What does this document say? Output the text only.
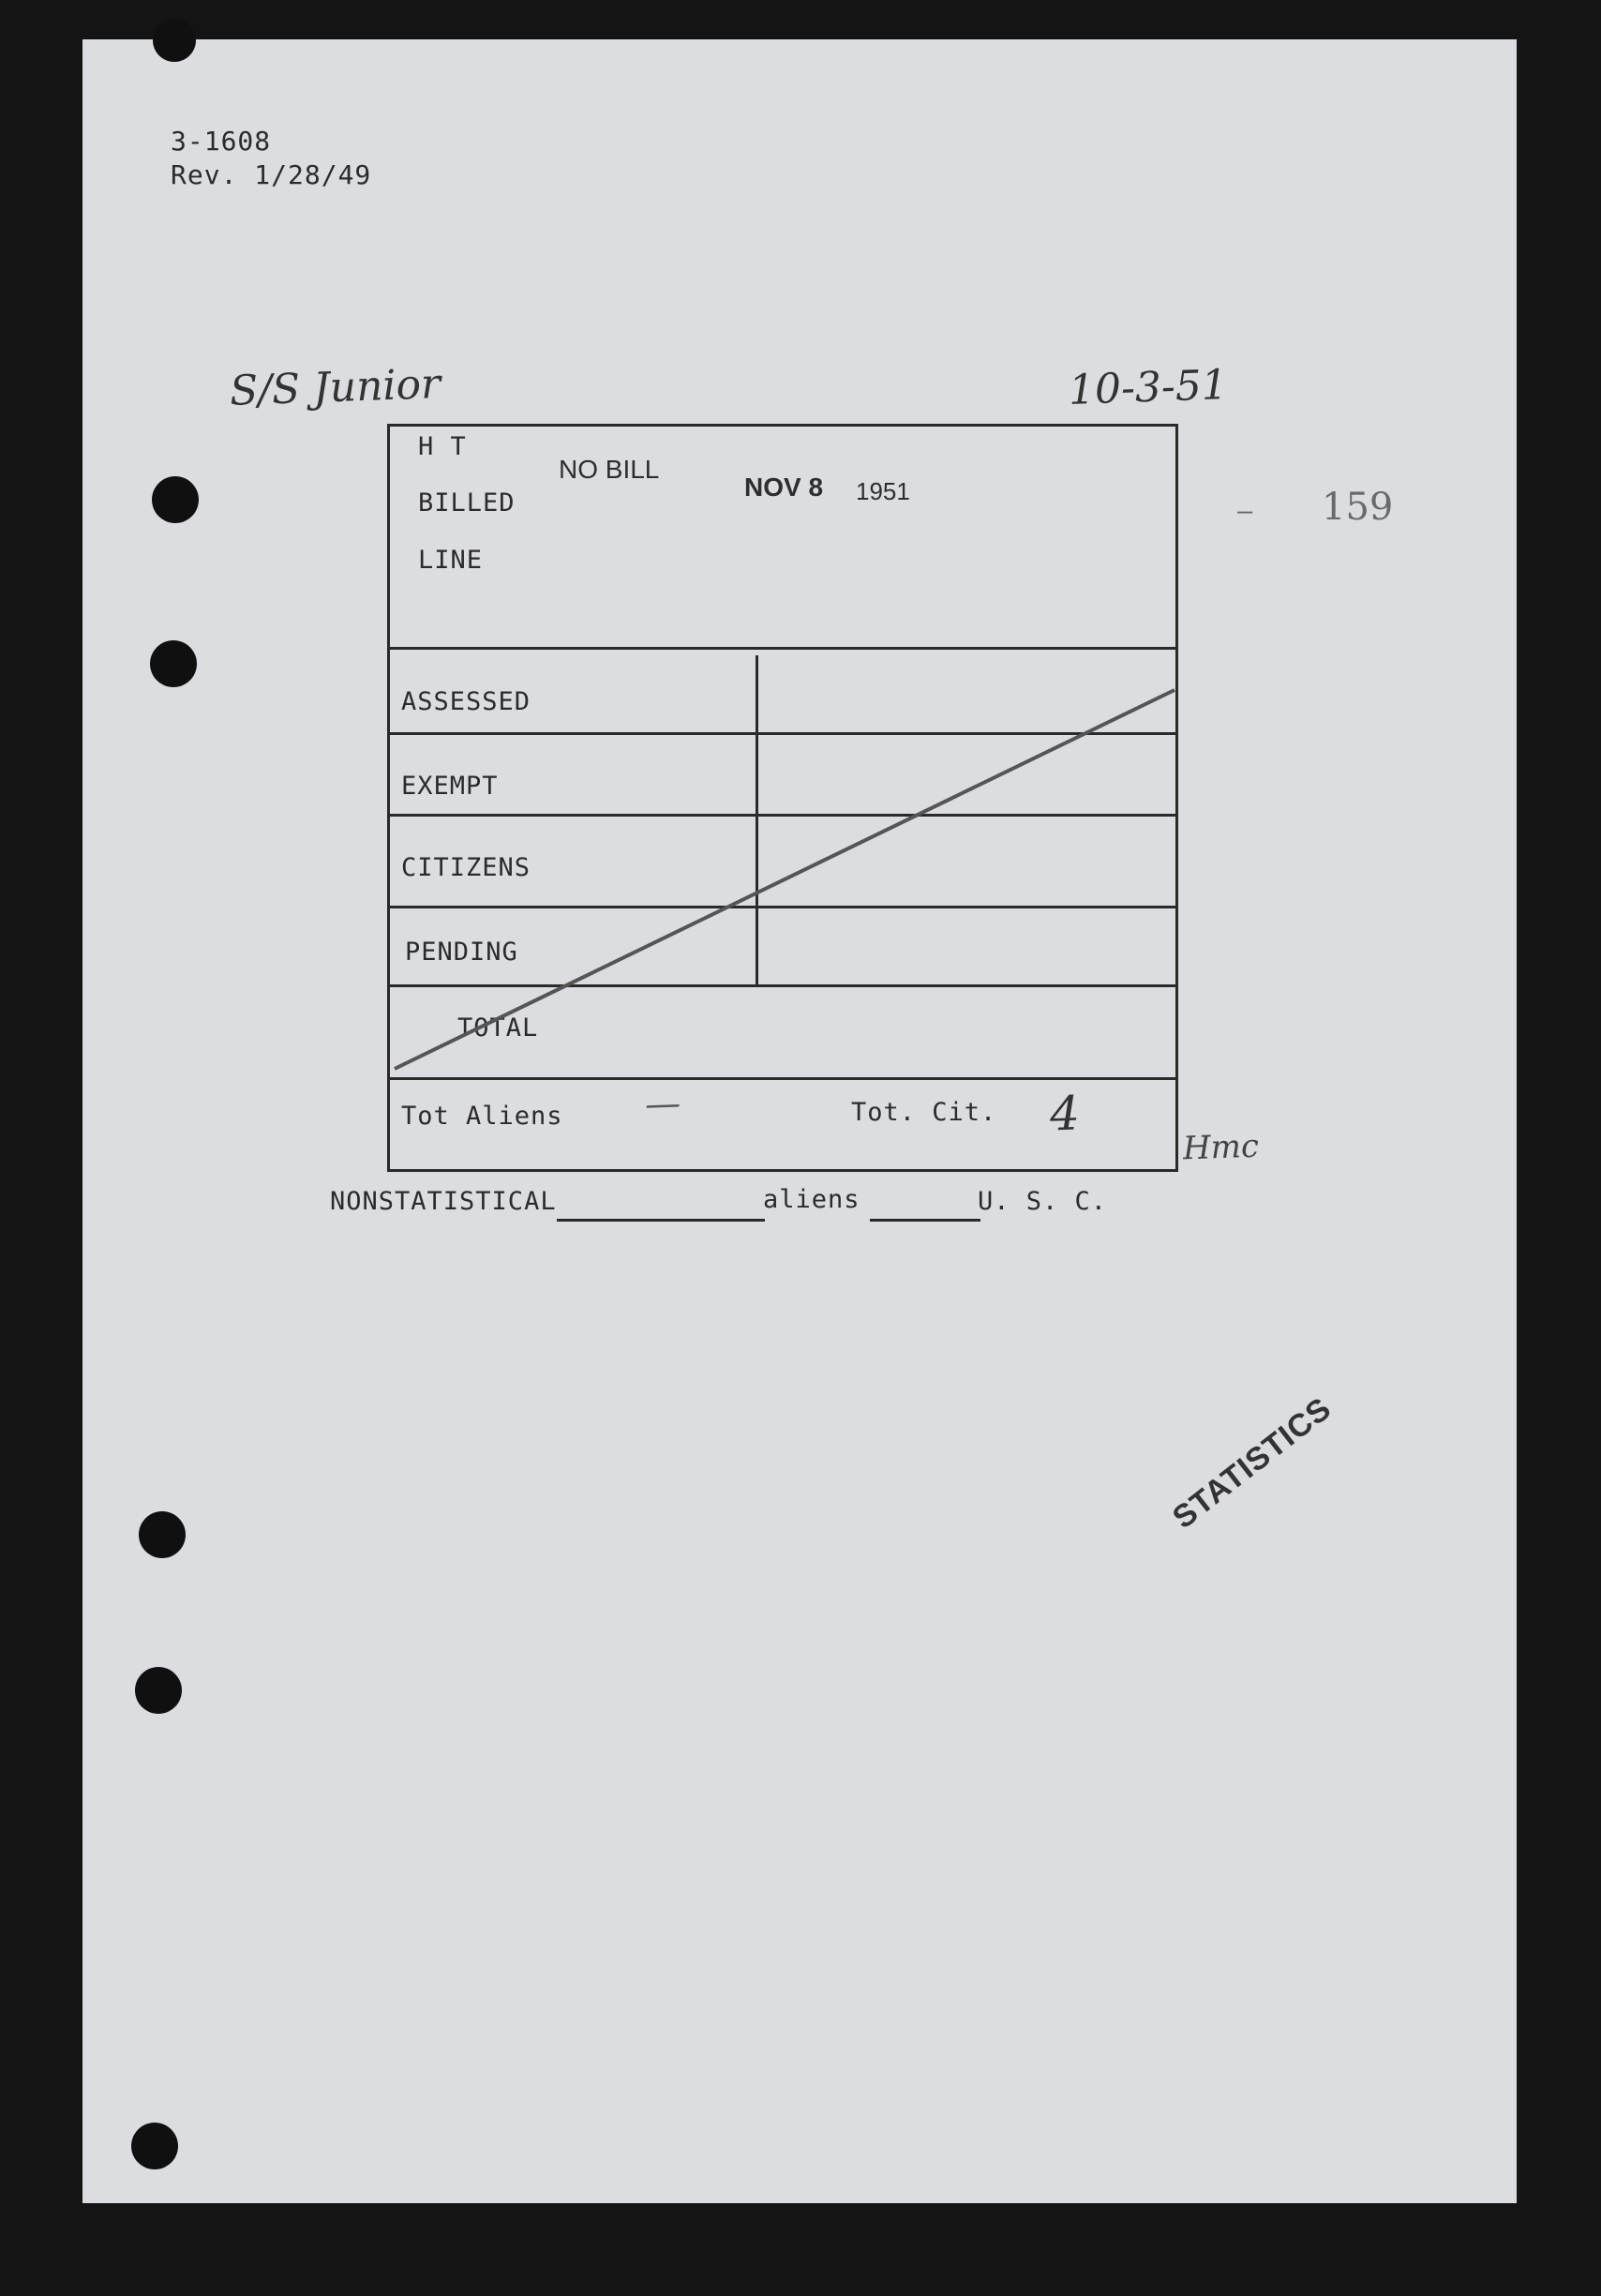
3-1608
Rev. 1/28/49
S/S Junior	10-3-51
159
–
H T
BILLED
LINE
NO BILL
NOV 8 1951
ASSESSED
EXEMPT
CITIZENS
PENDING
TOTAL
Tot Aliens —	Tot. Cit. 4
Hmc
NONSTATISTICAL	aliens	U. S. C.
STATISTICS
